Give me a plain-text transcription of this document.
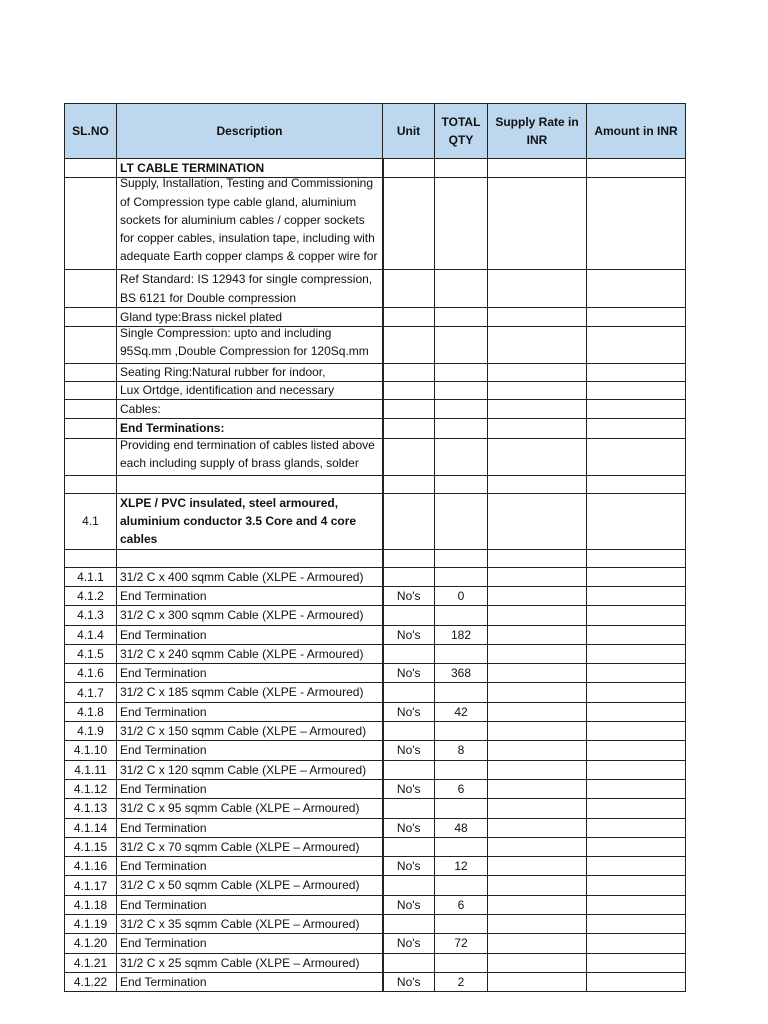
SL.NO	Description	Unit	TOTAL QTY	Supply Rate in INR	Amount in INR
	LT CABLE TERMINATION				

	Supply, Installation, Testing and Commissioning of Compression type cable gland, aluminium sockets for aluminium cables / copper sockets for copper cables, insulation tape, including with adequate Earth copper clamps & copper wire for				

	Ref Standard: IS 12943 for single compression, BS 6121 for Double compression				
	Gland type:Brass nickel plated				

	Single Compression: upto and including 95Sq.mm ,Double Compression for 120Sq.mm				

	Seating Ring:Natural rubber for indoor,				

	Lux Ortdge, identification and necessary				

	Cables:				
	End Terminations:				

	Providing end termination of cables listed above each including supply of brass glands, solder				

4.1	XLPE / PVC insulated, steel armoured, aluminium conductor 3.5 Core and 4 core cables				

4.1.1	31/2 C x 400 sqmm Cable (XLPE - Armoured)				
4.1.2	End Termination	No's	0		
4.1.3	31/2 C x 300 sqmm Cable (XLPE - Armoured)				
4.1.4	End Termination	No's	182		
4.1.5	31/2 C x 240 sqmm Cable (XLPE - Armoured)				
4.1.6	End Termination	No's	368		
4.1.7	31/2 C x 185 sqmm Cable (XLPE - Armoured)				
4.1.8	End Termination	No's	42		
4.1.9	31/2 C x 150 sqmm Cable (XLPE – Armoured)				
4.1.10	End Termination	No's	8		
4.1.11	31/2 C x 120 sqmm Cable (XLPE – Armoured)				
4.1.12	End Termination	No's	6		
4.1.13	31/2 C x 95 sqmm Cable (XLPE – Armoured)				
4.1.14	End Termination	No's	48		
4.1.15	31/2 C x 70 sqmm Cable (XLPE – Armoured)				
4.1.16	End Termination	No's	12		
4.1.17	31/2 C x 50 sqmm Cable (XLPE – Armoured)				
4.1.18	End Termination	No's	6		
4.1.19	31/2 C x 35 sqmm Cable (XLPE – Armoured)				
4.1.20	End Termination	No's	72		
4.1.21	31/2 C x 25 sqmm Cable (XLPE – Armoured)				
4.1.22	End Termination	No's	2		
